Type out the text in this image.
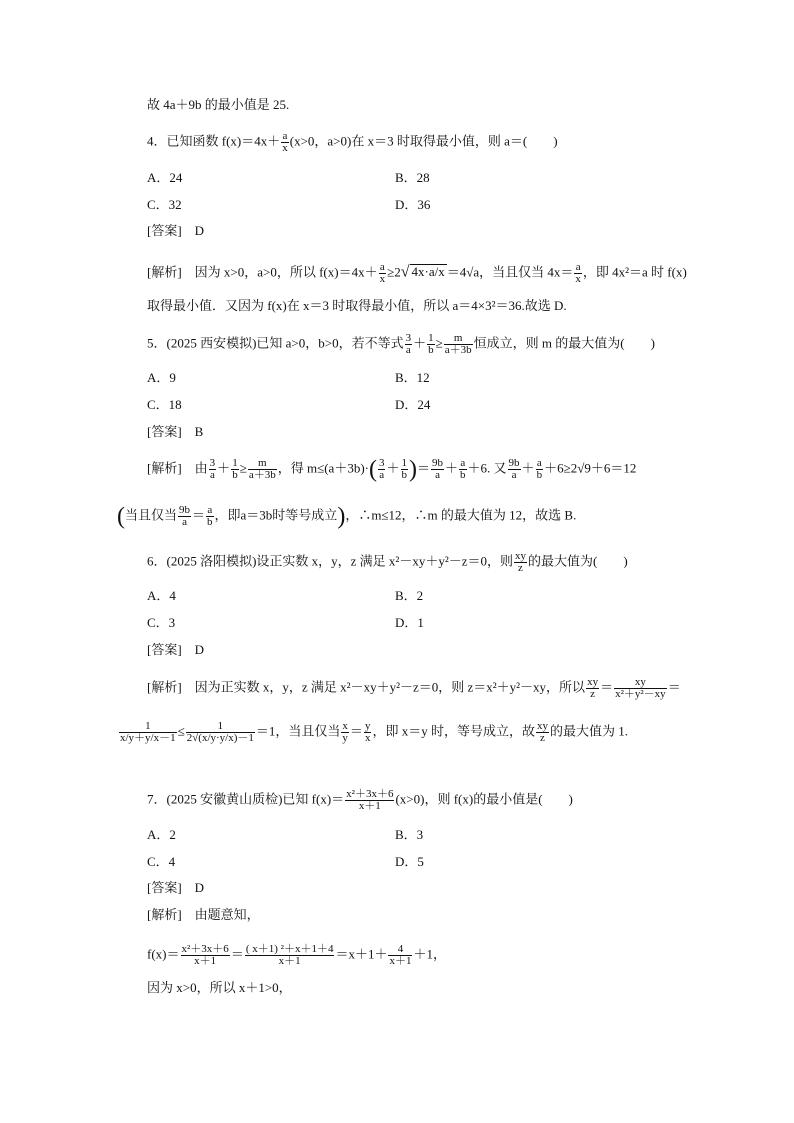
故 4a＋9b 的最小值是 25.
4．已知函数 $f(x)=4x+ \frac{a}{x} (x>0$，a>0)在 x＝3 时取得最小值，则 a＝(　　)
A．24	B．28
C．32	D．36
[答案]　D
[解析]　因为 x>0，a>0，所以 $f(x)=4x+ \frac{a}{x} \ge 2√$ 4x·a/x ＝4√a，当且仅当 $4x= \frac{a}{x}$ ，即 4x²＝a 时 f(x)
取得最小值．又因为 f(x)在 x＝3 时取得最小值，所以 a＝4×3²＝36.故选 D.
5．(2025 西安模拟)已知 a>0，b>0，若不等式 $\frac{3}{a} + \frac{1}{b} \ge \frac{m}{a+3b}$ 恒成立，则 m 的最大值为(　　)
A．9	B．12
C．18	D．24
[答案]　B
[解析]　由 $\frac{3}{a} + \frac{1}{b} \ge \frac{m}{a+3b}$ ，得 $m\le(a+3b)\cdot( \frac{3}{a} + \frac{1}{b}$ )＝ $\frac{9b}{a} + \frac{a}{b} +6$. 又 $\frac{9b}{a} + \frac{a}{b} +6\ge 2√9+6=12$
(当且仅当 $\frac{9b}{a} = \frac{a}{b}$ ，即a＝3b时等号成立)，∴m≤12，∴m 的最大值为 12，故选 B.
6．(2025 洛阳模拟)设正实数 x，y，z 满足 x²－xy＋y²－z＝0，则 $\frac{xy}{z}$ 的最大值为(　　)
A．4	B．2
C．3	D．1
[答案]　D
[解析]　因为正实数 x，y，z 满足 x²－xy＋y²－z＝0，则 z＝x²＋y²－xy，所以 $\frac{xy}{z} = \frac{xy}{\text{x²＋y²－xy}}$ ＝
$\frac{1}{x/y+y/x-1} \le \frac{1}{2√(x/y\cdot y/x)-1} =1$，当且仅当 $\frac{x}{y} = \frac{y}{x}$ ，即 x＝y 时，等号成立，故 $\frac{xy}{z}$ 的最大值为 1.
7．(2025 安徽黄山质检)已知 $f(x)= \frac{\text{x²＋3x＋6}}{x+1} (x>0)$，则 f(x)的最小值是(　　)
A．2	B．3
C．4	D．5
[答案]　D
[解析]　由题意知，
$f(x)= \frac{\text{x²＋3x＋6}}{x+1} = \frac{\text{( x＋1) ²＋x＋1＋4}}{x+1} =x+1+ \frac{4}{x+1} +1$，
因为 x>0，所以 x＋1>0，
